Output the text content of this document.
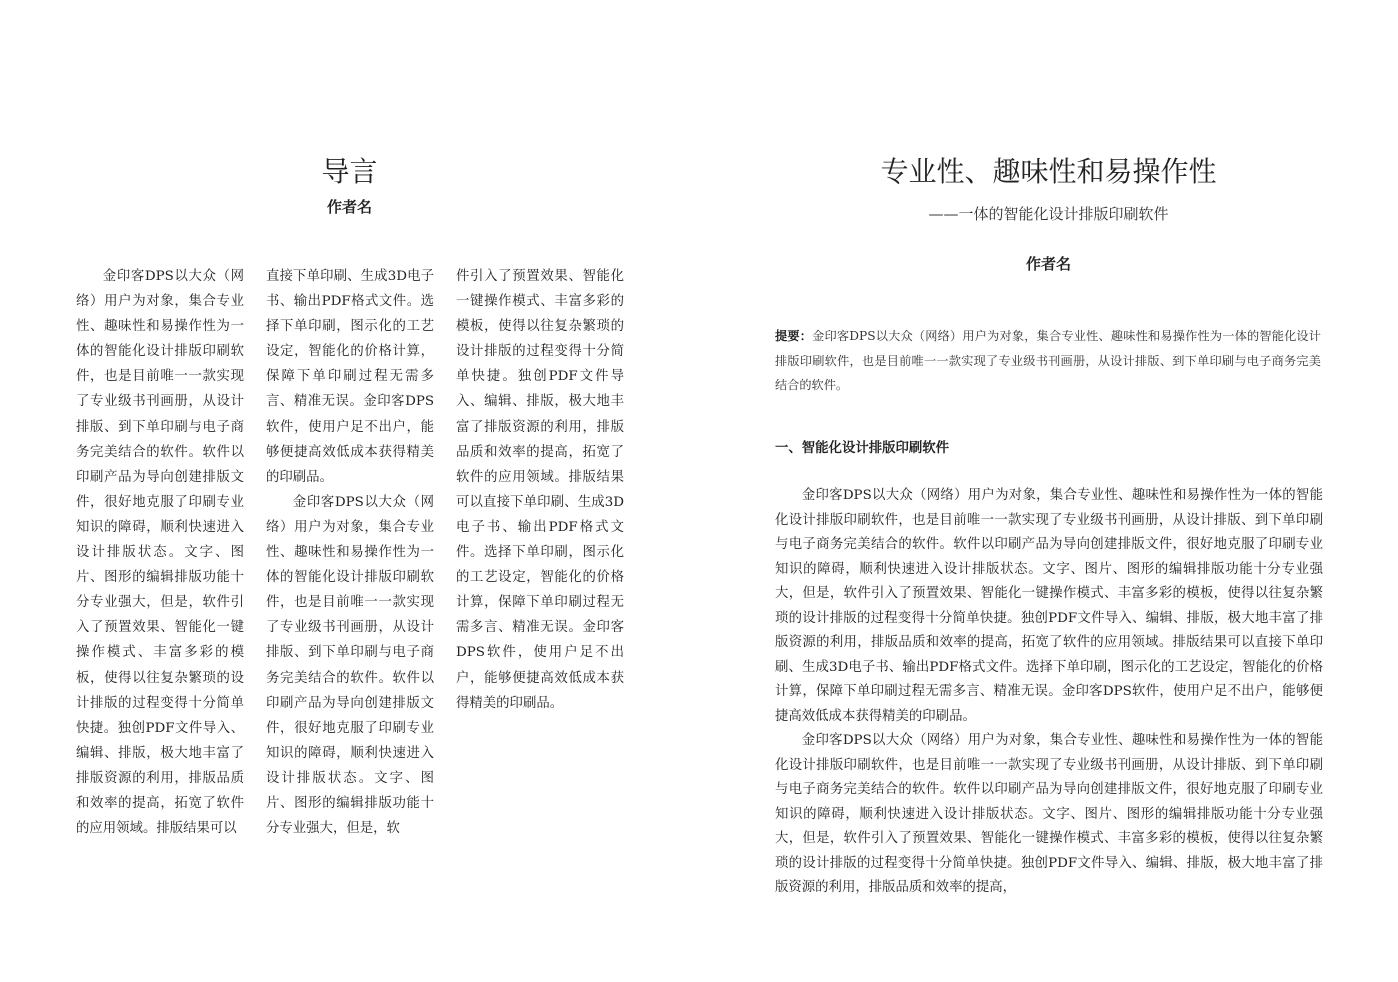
导言
作者名

金印客DPS以大众（网络）用户为对象，集合专业性、趣味性和易操作性为一体的智能化设计排版印刷软件，也是目前唯一一款实现了专业级书刊画册，从设计排版、到下单印刷与电子商务完美结合的软件。软件以印刷产品为导向创建排版文件，很好地克服了印刷专业知识的障碍，顺利快速进入设计排版状态。文字、图片、图形的编辑排版功能十分专业强大，但是，软件引入了预置效果、智能化一键操作模式、丰富多彩的模板，使得以往复杂繁琐的设计排版的过程变得十分简单快捷。独创PDF文件导入、编辑、排版，极大地丰富了排版资源的利用，排版品质和效率的提高，拓宽了软件的应用领域。排版结果可以

直接下单印刷、生成3D电子书、输出PDF格式文件。选择下单印刷，图示化的工艺设定，智能化的价格计算，保障下单印刷过程无需多言、精准无误。金印客DPS软件，使用户足不出户，能够便捷高效低成本获得精美的印刷品。

金印客DPS以大众（网络）用户为对象，集合专业性、趣味性和易操作性为一体的智能化设计排版印刷软件，也是目前唯一一款实现了专业级书刊画册，从设计排版、到下单印刷与电子商务完美结合的软件。软件以印刷产品为导向创建排版文件，很好地克服了印刷专业知识的障碍，顺利快速进入设计排版状态。文字、图片、图形的编辑排版功能十分专业强大，但是，软

件引入了预置效果、智能化一键操作模式、丰富多彩的模板，使得以往复杂繁琐的设计排版的过程变得十分简单快捷。独创PDF文件导入、编辑、排版，极大地丰富了排版资源的利用，排版品质和效率的提高，拓宽了软件的应用领域。排版结果可以直接下单印刷、生成3D电子书、输出PDF格式文件。选择下单印刷，图示化的工艺设定，智能化的价格计算，保障下单印刷过程无需多言、精准无误。金印客DPS软件，使用户足不出户，能够便捷高效低成本获得精美的印刷品。

专业性、趣味性和易操作性
——一体的智能化设计排版印刷软件
作者名
提要：金印客DPS以大众（网络）用户为对象，集合专业性、趣味性和易操作性为一体的智能化设计排版印刷软件，也是目前唯一一款实现了专业级书刊画册，从设计排版、到下单印刷与电子商务完美结合的软件。
一、智能化设计排版印刷软件

金印客DPS以大众（网络）用户为对象，集合专业性、趣味性和易操作性为一体的智能化设计排版印刷软件，也是目前唯一一款实现了专业级书刊画册，从设计排版、到下单印刷与电子商务完美结合的软件。软件以印刷产品为导向创建排版文件，很好地克服了印刷专业知识的障碍，顺利快速进入设计排版状态。文字、图片、图形的编辑排版功能十分专业强大，但是，软件引入了预置效果、智能化一键操作模式、丰富多彩的模板，使得以往复杂繁琐的设计排版的过程变得十分简单快捷。独创PDF文件导入、编辑、排版，极大地丰富了排版资源的利用，排版品质和效率的提高，拓宽了软件的应用领域。排版结果可以直接下单印刷、生成3D电子书、输出PDF格式文件。选择下单印刷，图示化的工艺设定，智能化的价格计算，保障下单印刷过程无需多言、精准无误。金印客DPS软件，使用户足不出户，能够便捷高效低成本获得精美的印刷品。

金印客DPS以大众（网络）用户为对象，集合专业性、趣味性和易操作性为一体的智能化设计排版印刷软件，也是目前唯一一款实现了专业级书刊画册，从设计排版、到下单印刷与电子商务完美结合的软件。软件以印刷产品为导向创建排版文件，很好地克服了印刷专业知识的障碍，顺利快速进入设计排版状态。文字、图片、图形的编辑排版功能十分专业强大，但是，软件引入了预置效果、智能化一键操作模式、丰富多彩的模板，使得以往复杂繁琐的设计排版的过程变得十分简单快捷。独创PDF文件导入、编辑、排版，极大地丰富了排版资源的利用，排版品质和效率的提高，
